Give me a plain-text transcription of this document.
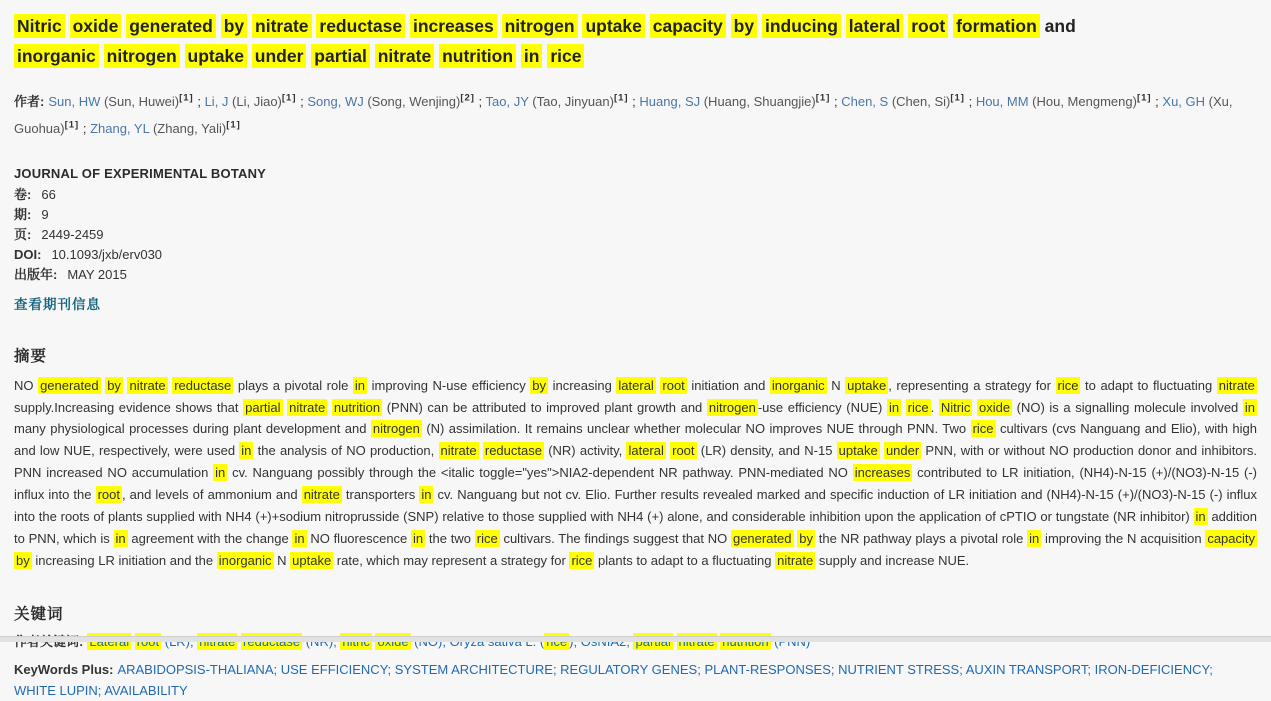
Nitric oxide generated by nitrate reductase increases nitrogen uptake capacity by inducing lateral root formation and inorganic nitrogen uptake under partial nitrate nutrition in rice
作者: Sun, HW (Sun, Huwei)[1] ; Li, J (Li, Jiao)[1] ; Song, WJ (Song, Wenjing)[2] ; Tao, JY (Tao, Jinyuan)[1] ; Huang, SJ (Huang, Shuangjie)[1] ; Chen, S (Chen, Si)[1] ; Hou, MM (Hou, Mengmeng)[1] ; Xu, GH (Xu, Guohua)[1] ; Zhang, YL (Zhang, Yali)[1]
JOURNAL OF EXPERIMENTAL BOTANY
卷: 66
期: 9
页: 2449-2459
DOI: 10.1093/jxb/erv030
出版年: MAY 2015
查看期刊信息
摘要

NO generated by nitrate reductase plays a pivotal role in improving N-use efficiency by increasing lateral root initiation and inorganic N uptake , representing a strategy for rice to adapt to fluctuating nitrate supply.Increasing evidence shows that partial nitrate nutrition (PNN) can be attributed to improved plant growth and nitrogen -use efficiency (NUE) in rice . Nitric oxide (NO) is a signalling molecule involved in many physiological processes during plant development and nitrogen (N) assimilation. It remains unclear whether molecular NO improves NUE through PNN. Two rice cultivars (cvs Nanguang and Elio), with high and low NUE, respectively, were used in the analysis of NO production, nitrate reductase (NR) activity, lateral root (LR) density, and N-15 uptake under PNN, with or without NO production donor and inhibitors. PNN increased NO accumulation in cv. Nanguang possibly through the <italic toggle="yes">NIA2-dependent NR pathway. PNN-mediated NO increases contributed to LR initiation, (NH4)-N-15 (+)/(NO3)-N-15 (-) influx into the root , and levels of ammonium and nitrate transporters in cv. Nanguang but not cv. Elio. Further results revealed marked and specific induction of LR initiation and (NH4)-N-15 (+)/(NO3)-N-15 (-) influx into the roots of plants supplied with NH4 (+)+sodium nitroprusside (SNP) relative to those supplied with NH4 (+) alone, and considerable inhibition upon the application of cPTIO or tungstate (NR inhibitor) in addition to PNN, which is in agreement with the change in NO fluorescence in the two rice cultivars. The findings suggest that NO generated by the NR pathway plays a pivotal role in improving the N acquisition capacity by increasing LR initiation and the inorganic N uptake rate, which may represent a strategy for rice plants to adapt to a fluctuating nitrate supply and increase NUE.

关键词
KeyWords Plus: ARABIDOPSIS-THALIANA; USE EFFICIENCY; SYSTEM ARCHITECTURE; REGULATORY GENES; PLANT-RESPONSES; NUTRIENT STRESS; AUXIN TRANSPORT; IRON-DEFICIENCY; WHITE LUPIN; AVAILABILITY
